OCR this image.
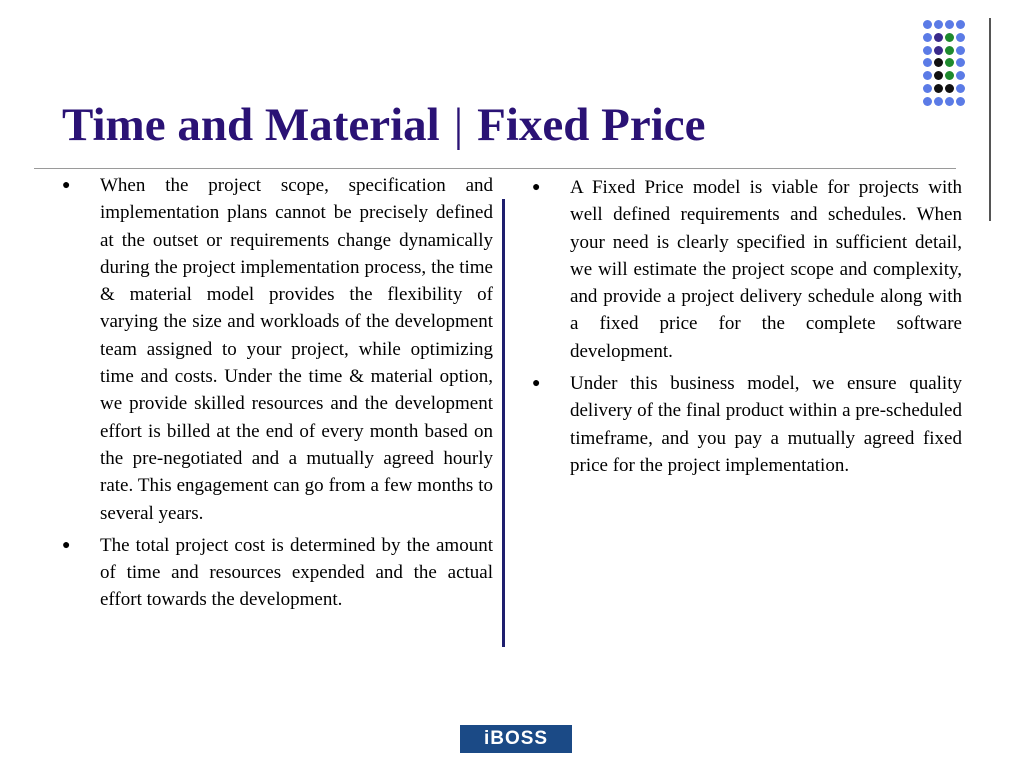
Time and Material | Fixed Price
●	When the project scope, specification and implementation plans cannot be precisely defined at the outset or requirements change dynamically during the project implementation process, the time & material model provides the flexibility of varying the size and workloads of the development team assigned to your project, while optimizing time and costs. Under the time & material option, we provide skilled resources and the development effort is billed at the end of every month based on the pre-negotiated and a mutually agreed hourly rate. This engagement can go from a few months to several years.
●	The total project cost is determined by the amount of time and resources expended and the actual effort towards the development.
●	A Fixed Price model is viable for projects with well defined requirements and schedules. When your need is clearly specified in sufficient detail, we will estimate the project scope and complexity, and provide a project delivery schedule along with a fixed price for the complete software development.
●	Under this business model, we ensure quality delivery of the final product within a pre-scheduled timeframe, and you pay a mutually agreed fixed price for the project implementation.
iBOSS
